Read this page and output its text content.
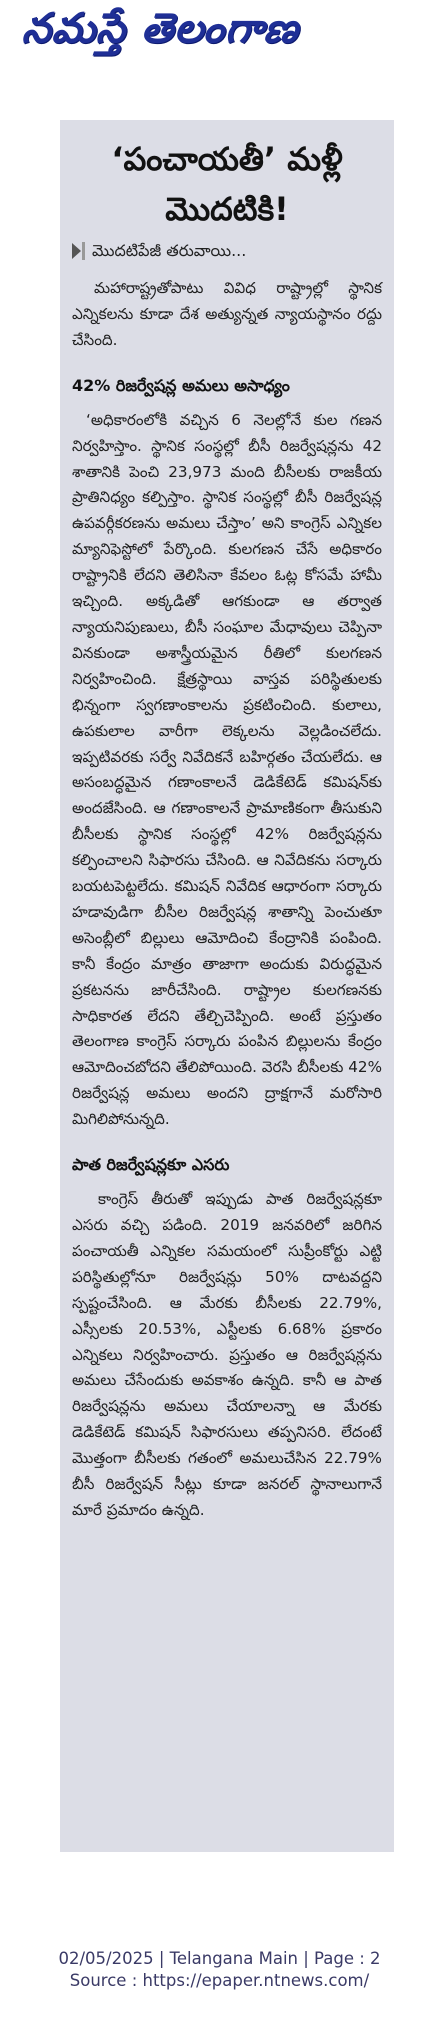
నమస్తే తెలంగాణ
‘పంచాయతీ’ మళ్లీ మొదటికి!
మొదటిపేజీ తరువాయి...

మహారాష్ట్రతోపాటు వివిధ రాష్ట్రాల్లో స్థానిక ఎన్నికలను కూడా దేశ అత్యున్నత న్యాయస్థానం రద్దు చేసింది.

42% రిజర్వేషన్ల అమలు అసాధ్యం

‘అధికారంలోకి వచ్చిన 6 నెలల్లోనే కుల గణన నిర్వహిస్తాం. స్థానిక సంస్థల్లో బీసీ రిజర్వేషన్లను 42 శాతానికి పెంచి 23,973 మంది బీసీలకు రాజకీయ ప్రాతినిధ్యం కల్పిస్తాం. స్థానిక సంస్థల్లో బీసీ రిజర్వేషన్ల ఉపవర్గీకరణను అమలు చేస్తాం’ అని కాంగ్రెస్ ఎన్నికల మ్యానిఫెస్టోలో పేర్కొంది. కులగణన చేసే అధికారం రాష్ట్రానికి లేదని తెలిసినా కేవలం ఓట్ల కోసమే హామీ ఇచ్చింది. అక్కడితో ఆగకుండా ఆ తర్వాత న్యాయనిపుణులు, బీసీ సంఘాల మేధావులు చెప్పినా వినకుండా అశాస్త్రీయమైన రీతిలో కులగణన నిర్వహించింది. క్షేత్రస్థాయి వాస్తవ పరిస్థితులకు భిన్నంగా స్వగణాంకాలను ప్రకటించింది. కులాలు, ఉపకులాల వారీగా లెక్కలను వెల్లడించలేదు. ఇప్పటివరకు సర్వే నివేదికనే బహిర్గతం చేయలేదు. ఆ అసంబద్ధమైన గణాంకాలనే డెడికేటెడ్ కమిషన్‌కు అందజేసింది. ఆ గణాంకాలనే ప్రామాణికంగా తీసుకుని బీసీలకు స్థానిక సంస్థల్లో 42% రిజర్వేషన్లను కల్పించాలని సిఫారసు చేసింది. ఆ నివేదికను సర్కారు బయటపెట్టలేదు. కమిషన్ నివేదిక ఆధారంగా సర్కారు హడావుడిగా బీసీల రిజర్వేషన్ల శాతాన్ని పెంచుతూ అసెంబ్లీలో బిల్లులు ఆమోదించి కేంద్రానికి పంపింది. కానీ కేంద్రం మాత్రం తాజాగా అందుకు విరుద్ధమైన ప్రకటనను జారీచేసింది. రాష్ట్రాల కులగణనకు సాధికారత లేదని తేల్చిచెప్పింది. అంటే ప్రస్తుతం తెలంగాణ కాంగ్రెస్ సర్కారు పంపిన బిల్లులను కేంద్రం ఆమోదించబోదని తేలిపోయింది. వెరసి బీసీలకు 42% రిజర్వేషన్ల అమలు అందని ద్రాక్షగానే మరోసారి మిగిలిపోనున్నది.

పాత రిజర్వేషన్లకూ ఎసరు

కాంగ్రెస్ తీరుతో ఇప్పుడు పాత రిజర్వేషన్లకూ ఎసరు వచ్చి పడింది. 2019 జనవరిలో జరిగిన పంచాయతీ ఎన్నికల సమయంలో సుప్రీంకోర్టు ఎట్టి పరిస్థితుల్లోనూ రిజర్వేషన్లు 50% దాటవద్దని స్పష్టంచేసింది. ఆ మేరకు బీసీలకు 22.79%, ఎస్సీలకు 20.53%, ఎస్టీలకు 6.68% ప్రకారం ఎన్నికలు నిర్వహించారు. ప్రస్తుతం ఆ రిజర్వేషన్లను అమలు చేసేందుకు అవకాశం ఉన్నది. కానీ ఆ పాత రిజర్వేషన్లను అమలు చేయాలన్నా ఆ మేరకు డెడికేటెడ్ కమిషన్ సిఫారసులు తప్పనిసరి. లేదంటే మొత్తంగా బీసీలకు గతంలో అమలుచేసిన 22.79% బీసీ రిజర్వేషన్ సీట్లు కూడా జనరల్ స్థానాలుగానే మారే ప్రమాదం ఉన్నది.

02/05/2025 | Telangana Main | Page : 2
Source : https://epaper.ntnews.com/
